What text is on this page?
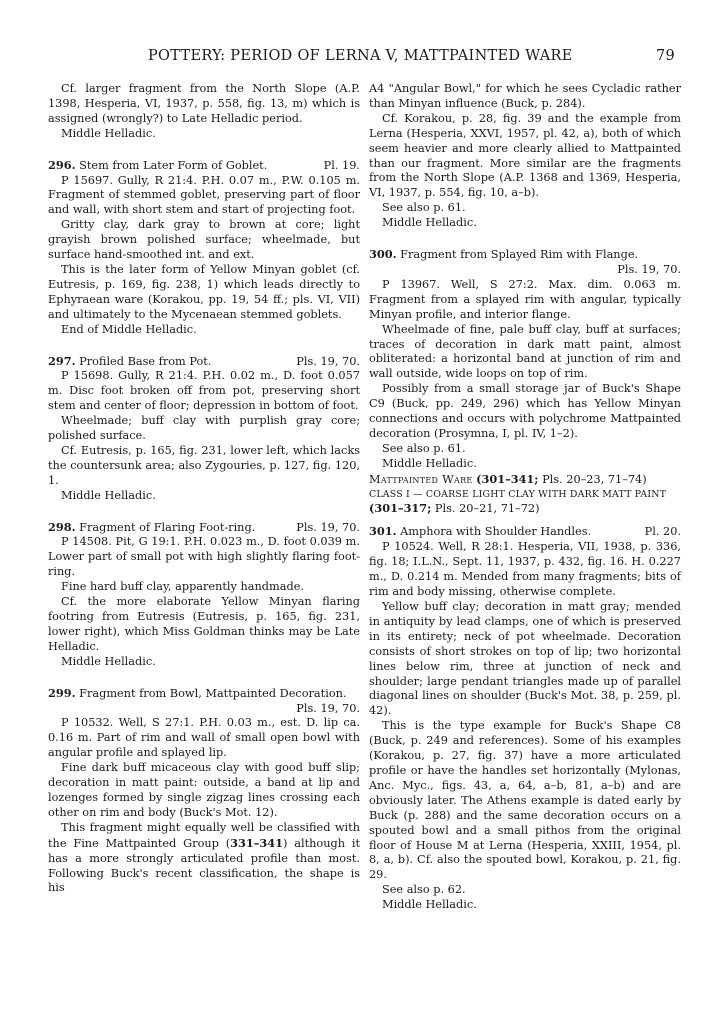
POTTERY: PERIOD OF LERNA V, MATTPAINTED WARE	79

Cf. larger fragment from the North Slope (A.P. 1398, Hesperia, VI, 1937, p. 558, fig. 13, m) which is assigned (wrongly?) to Late Helladic period.

Middle Helladic.

296. Stem from Later Form of Goblet.	Pl. 19.

P 15697. Gully, R 21:4. P.H. 0.07 m., P.W. 0.105 m. Fragment of stemmed goblet, preserving part of floor and wall, with short stem and start of projecting foot.

Gritty clay, dark gray to brown at core; light grayish brown polished surface; wheelmade, but surface hand-smoothed int. and ext.

This is the later form of Yellow Minyan goblet (cf. Eutresis, p. 169, fig. 238, 1) which leads directly to Ephyraean ware (Korakou, pp. 19, 54 ff.; pls. VI, VII) and ultimately to the Mycenaean stemmed goblets.

End of Middle Helladic.

297. Profiled Base from Pot.	Pls. 19, 70.

P 15698. Gully, R 21:4. P.H. 0.02 m., D. foot 0.057 m. Disc foot broken off from pot, preserving short stem and center of floor; depression in bottom of foot.

Wheelmade; buff clay with purplish gray core; polished surface.

Cf. Eutresis, p. 165, fig. 231, lower left, which lacks the countersunk area; also Zygouries, p. 127, fig. 120, 1.

Middle Helladic.

298. Fragment of Flaring Foot-ring.	Pls. 19, 70.

P 14508. Pit, G 19:1. P.H. 0.023 m., D. foot 0.039 m. Lower part of small pot with high slightly flaring foot-ring.

Fine hard buff clay, apparently handmade.

Cf. the more elaborate Yellow Minyan flaring footring from Eutresis (Eutresis, p. 165, fig. 231, lower right), which Miss Goldman thinks may be Late Helladic.

Middle Helladic.

299. Fragment from Bowl, Mattpainted Decoration.
Pls. 19, 70.

P 10532. Well, S 27:1. P.H. 0.03 m., est. D. lip ca. 0.16 m. Part of rim and wall of small open bowl with angular profile and splayed lip.

Fine dark buff micaceous clay with good buff slip; decoration in matt paint: outside, a band at lip and lozenges formed by single zigzag lines crossing each other on rim and body (Buck's Mot. 12).

This fragment might equally well be classified with the Fine Mattpainted Group (331–341) although it has a more strongly articulated profile than most. Following Buck's recent classification, the shape is his

A4 "Angular Bowl," for which he sees Cycladic rather than Minyan influence (Buck, p. 284).

Cf. Korakou, p. 28, fig. 39 and the example from Lerna (Hesperia, XXVI, 1957, pl. 42, a), both of which seem heavier and more clearly allied to Mattpainted than our fragment. More similar are the fragments from the North Slope (A.P. 1368 and 1369, Hesperia, VI, 1937, p. 554, fig. 10, a–b).

See also p. 61.

Middle Helladic.

300. Fragment from Splayed Rim with Flange.
Pls. 19, 70.

P 13967. Well, S 27:2. Max. dim. 0.063 m. Fragment from a splayed rim with angular, typically Minyan profile, and interior flange.

Wheelmade of fine, pale buff clay, buff at surfaces; traces of decoration in dark matt paint, almost obliterated: a horizontal band at junction of rim and wall outside, wide loops on top of rim.

Possibly from a small storage jar of Buck's Shape C9 (Buck, pp. 249, 296) which has Yellow Minyan connections and occurs with polychrome Mattpainted decoration (Prosymna, I, pl. IV, 1–2).

See also p. 61.

Middle Helladic.

Mattpainted Ware (301–341; Pls. 20–23, 71–74)

CLASS I — COARSE LIGHT CLAY WITH DARK MATT PAINT

(301–317; Pls. 20–21, 71–72)

301. Amphora with Shoulder Handles.	Pl. 20.

P 10524. Well, R 28:1. Hesperia, VII, 1938, p. 336, fig. 18; I.L.N., Sept. 11, 1937, p. 432, fig. 16. H. 0.227 m., D. 0.214 m. Mended from many fragments; bits of rim and body missing, otherwise complete.

Yellow buff clay; decoration in matt gray; mended in antiquity by lead clamps, one of which is preserved in its entirety; neck of pot wheelmade. Decoration consists of short strokes on top of lip; two horizontal lines below rim, three at junction of neck and shoulder; large pendant triangles made up of parallel diagonal lines on shoulder (Buck's Mot. 38, p. 259, pl. 42).

This is the type example for Buck's Shape C8 (Buck, p. 249 and references). Some of his examples (Korakou, p. 27, fig. 37) have a more articulated profile or have the handles set horizontally (Mylonas, Anc. Myc., figs. 43, a, 64, a–b, 81, a–b) and are obviously later. The Athens example is dated early by Buck (p. 288) and the same decoration occurs on a spouted bowl and a small pithos from the original floor of House M at Lerna (Hesperia, XXIII, 1954, pl. 8, a, b). Cf. also the spouted bowl, Korakou, p. 21, fig. 29.

See also p. 62.

Middle Helladic.
